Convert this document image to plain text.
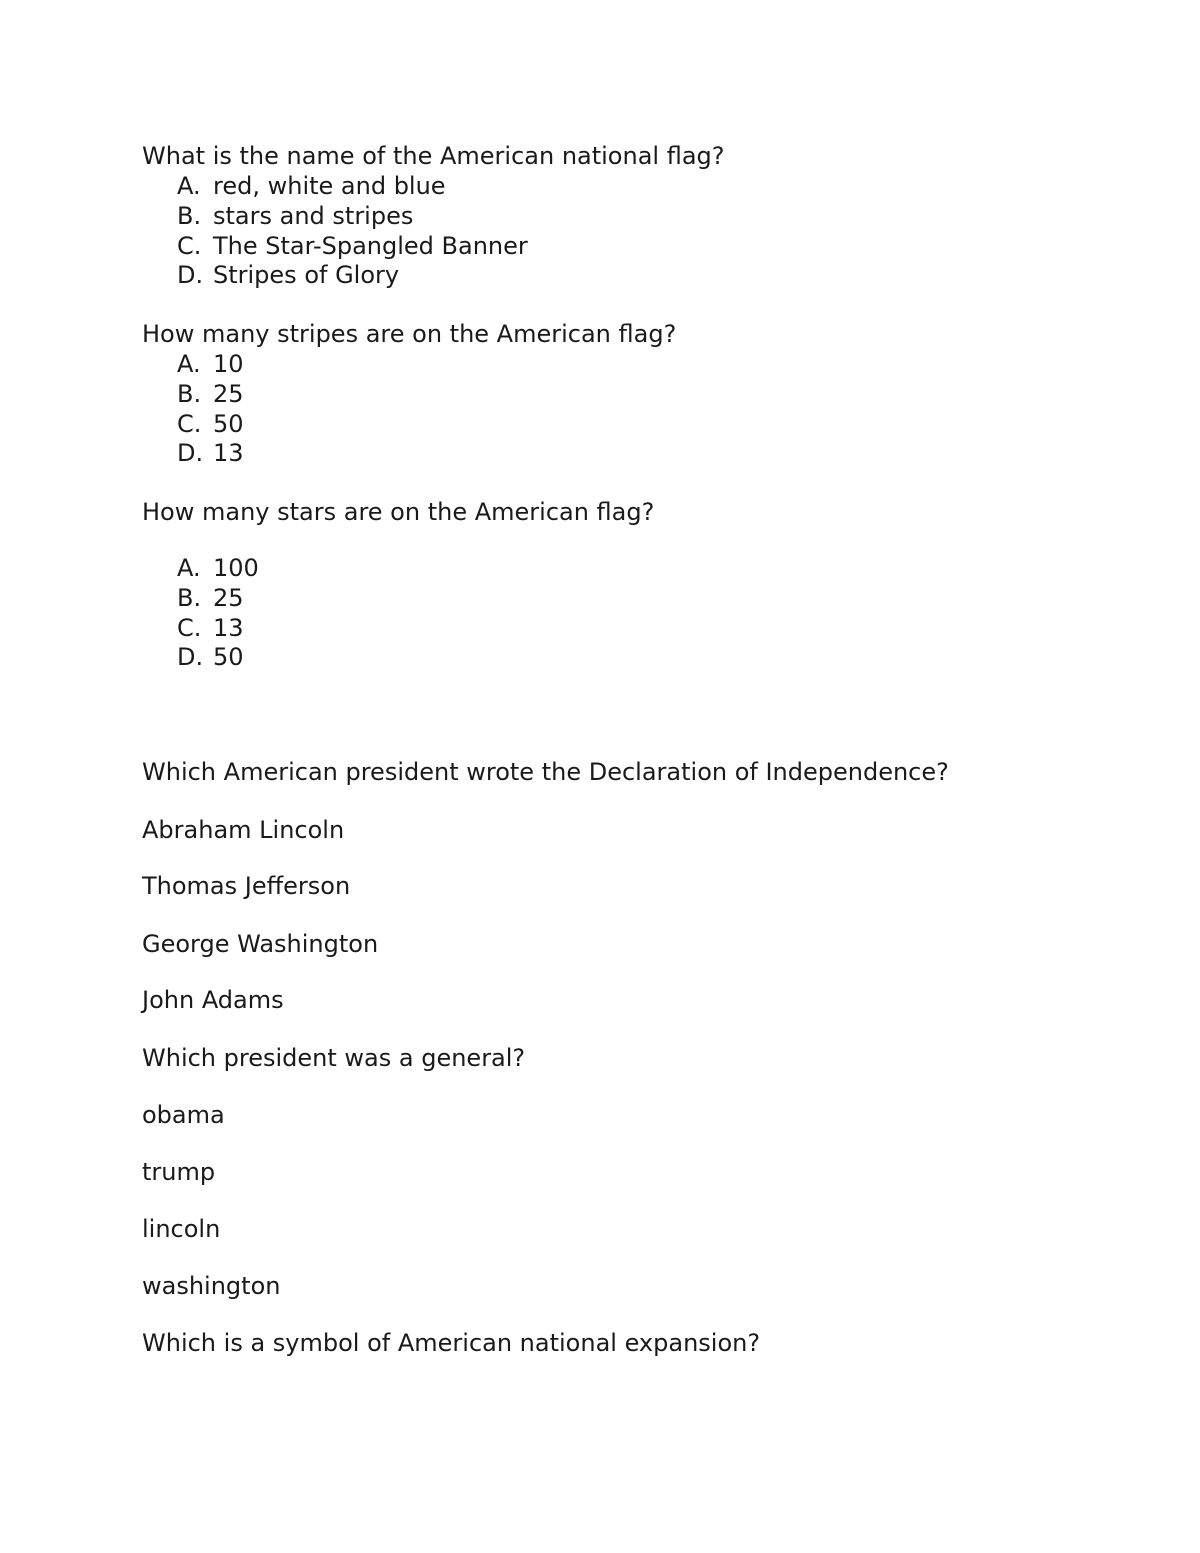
What is the name of the American national flag?
A. red, white and blue
B. stars and stripes
C. The Star-Spangled Banner
D. Stripes of Glory
How many stripes are on the American flag?
A. 10
B. 25
C. 50
D. 13
How many stars are on the American flag?
A. 100
B. 25
C. 13
D. 50
Which American president wrote the Declaration of Independence?
Abraham Lincoln
Thomas Jefferson
George Washington
John Adams
Which president was a general?
obama
trump
lincoln
washington
Which is a symbol of American national expansion?
